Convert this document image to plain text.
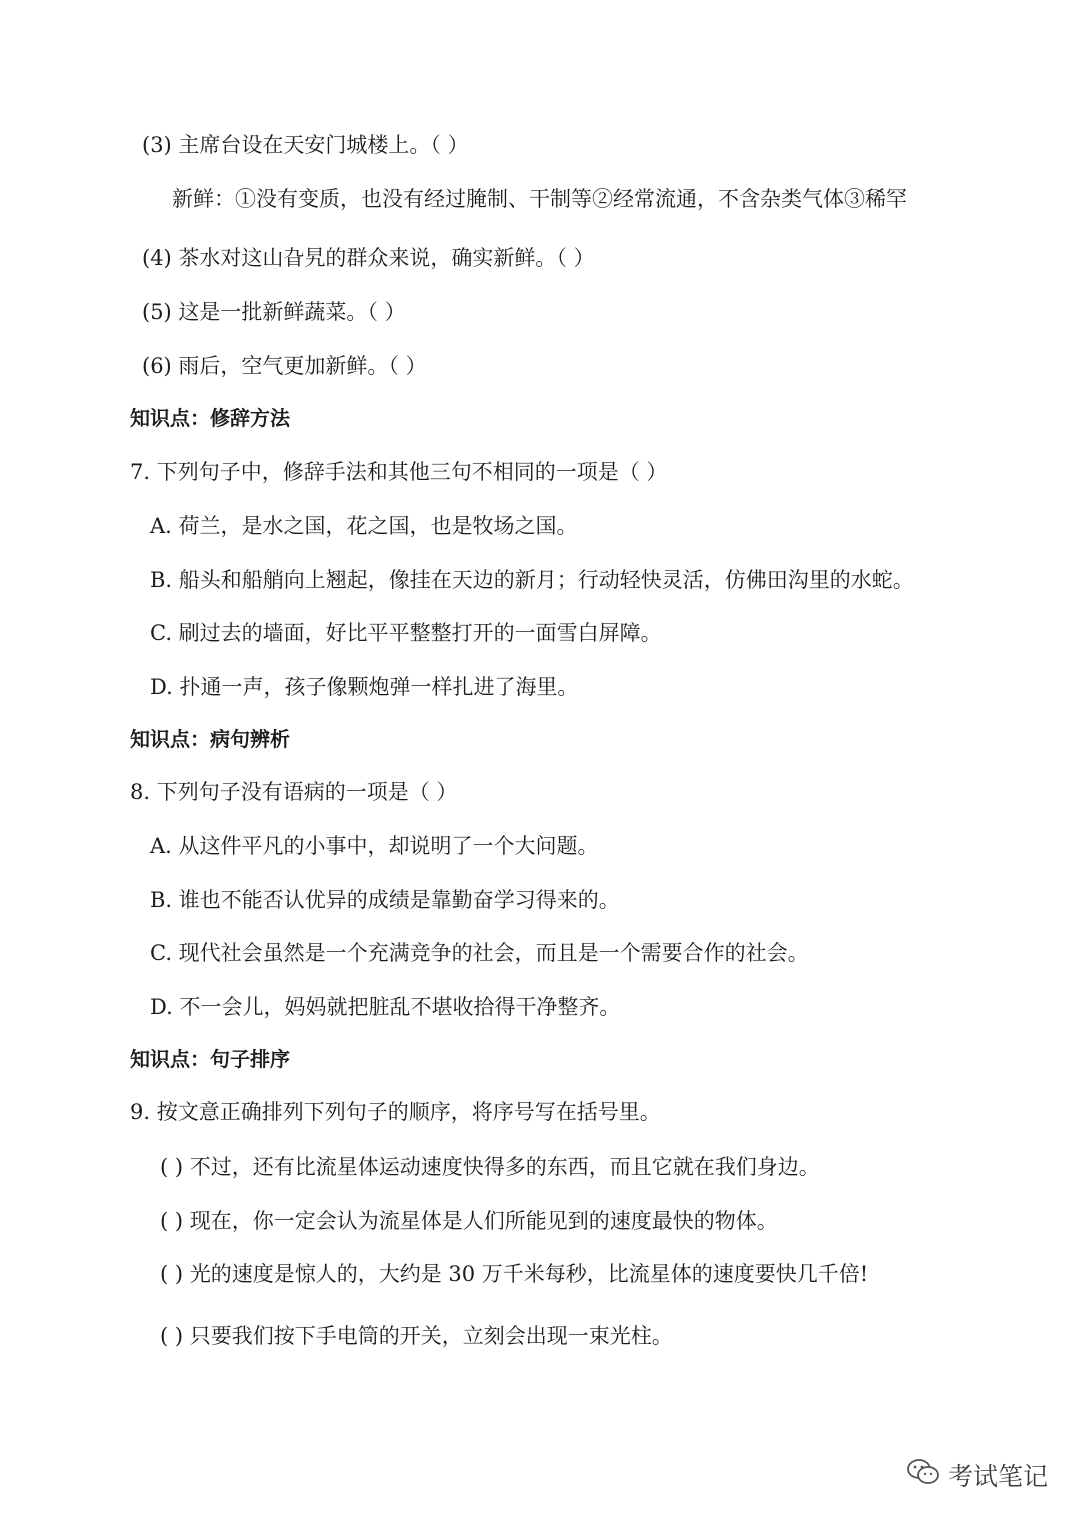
(3) 主席台设在天安门城楼上。（ ）
新鲜：①没有变质，也没有经过腌制、干制等②经常流通，不含杂类气体③稀罕
(4) 茶水对这山旮旯的群众来说，确实新鲜。（ ）
(5) 这是一批新鲜蔬菜。（ ）
(6) 雨后，空气更加新鲜。（ ）
知识点：修辞方法
7. 下列句子中，修辞手法和其他三句不相同的一项是（ ）
A. 荷兰，是水之国，花之国，也是牧场之国。
B. 船头和船艄向上翘起，像挂在天边的新月；行动轻快灵活，仿佛田沟里的水蛇。
C. 刷过去的墙面，好比平平整整打开的一面雪白屏障。
D. 扑通一声，孩子像颗炮弹一样扎进了海里。
知识点：病句辨析
8. 下列句子没有语病的一项是（ ）
A. 从这件平凡的小事中，却说明了一个大问题。
B. 谁也不能否认优异的成绩是靠勤奋学习得来的。
C. 现代社会虽然是一个充满竞争的社会，而且是一个需要合作的社会。
D. 不一会儿，妈妈就把脏乱不堪收拾得干净整齐。
知识点：句子排序
9. 按文意正确排列下列句子的顺序，将序号写在括号里。
( ) 不过，还有比流星体运动速度快得多的东西，而且它就在我们身边。
( ) 现在，你一定会认为流星体是人们所能见到的速度最快的物体。
( ) 光的速度是惊人的，大约是 30 万千米每秒，比流星体的速度要快几千倍!
( ) 只要我们按下手电筒的开关，立刻会出现一束光柱。
考试笔记
